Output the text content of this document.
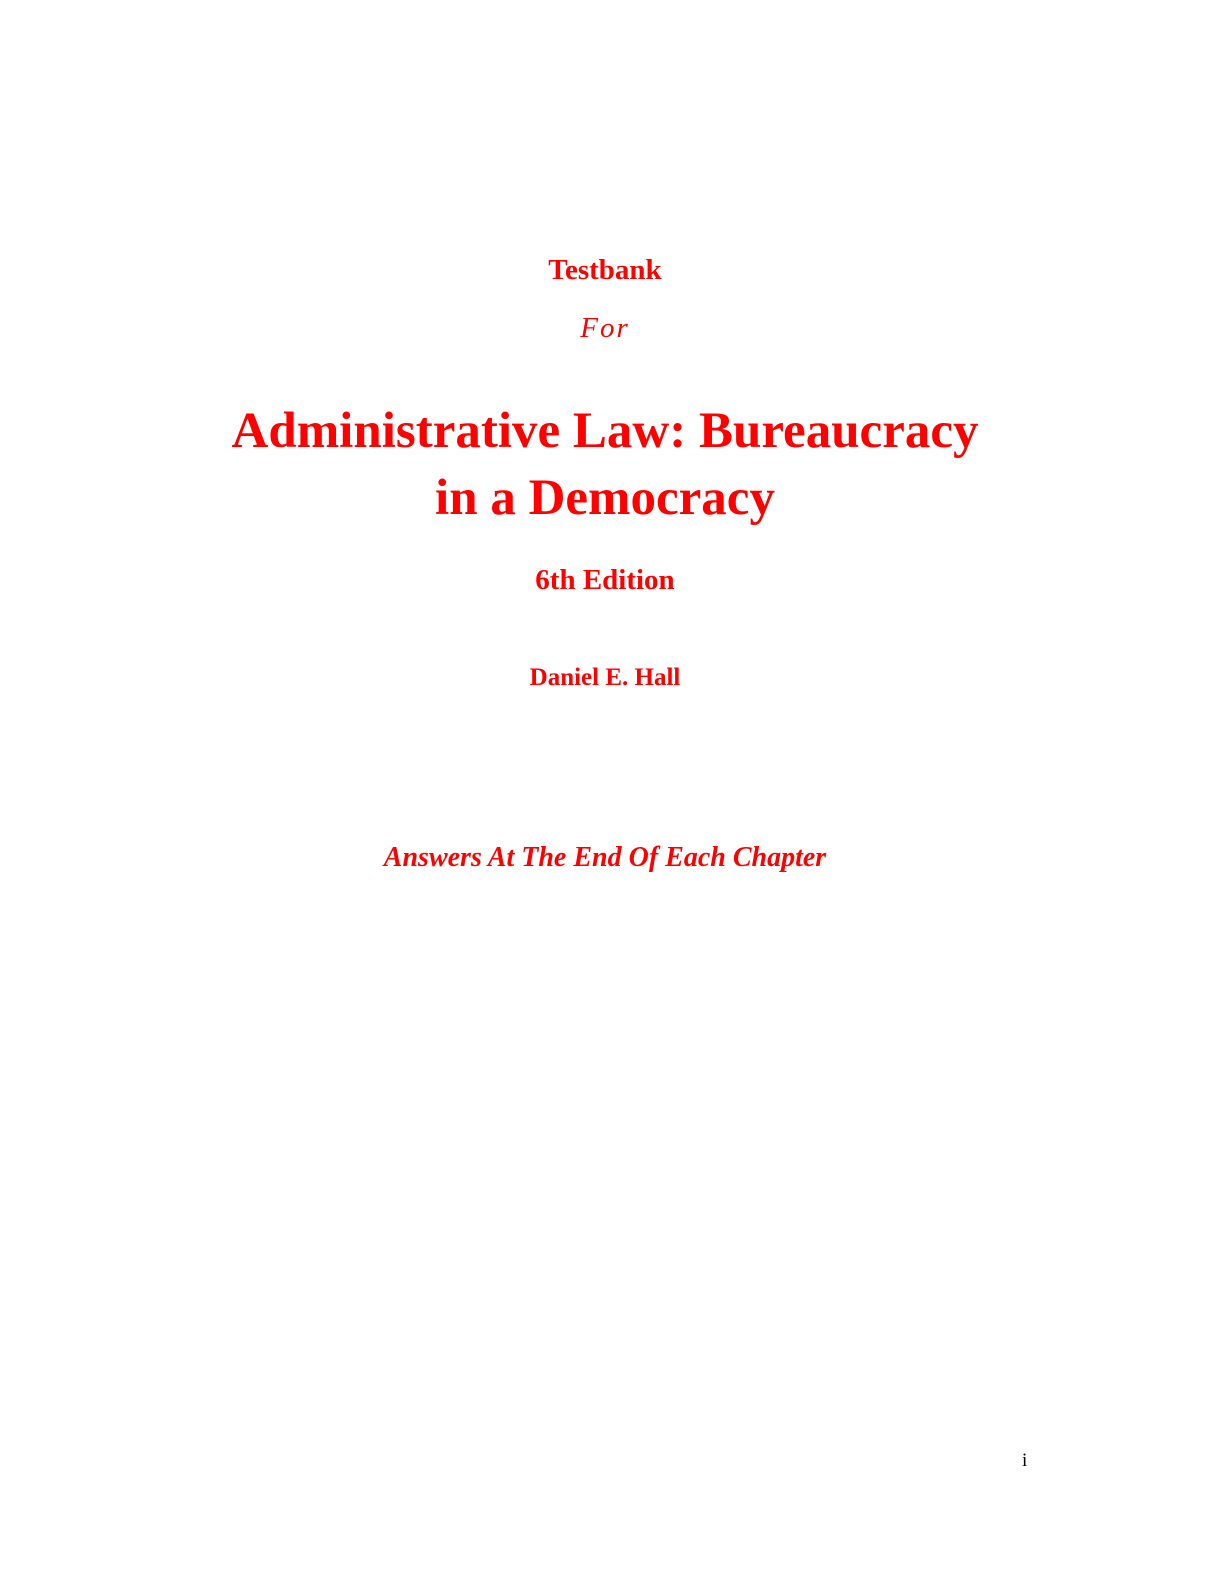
Testbank
For
Administrative Law: Bureaucracy
in a Democracy
6th Edition
Daniel E. Hall
Answers At The End Of Each Chapter
i
